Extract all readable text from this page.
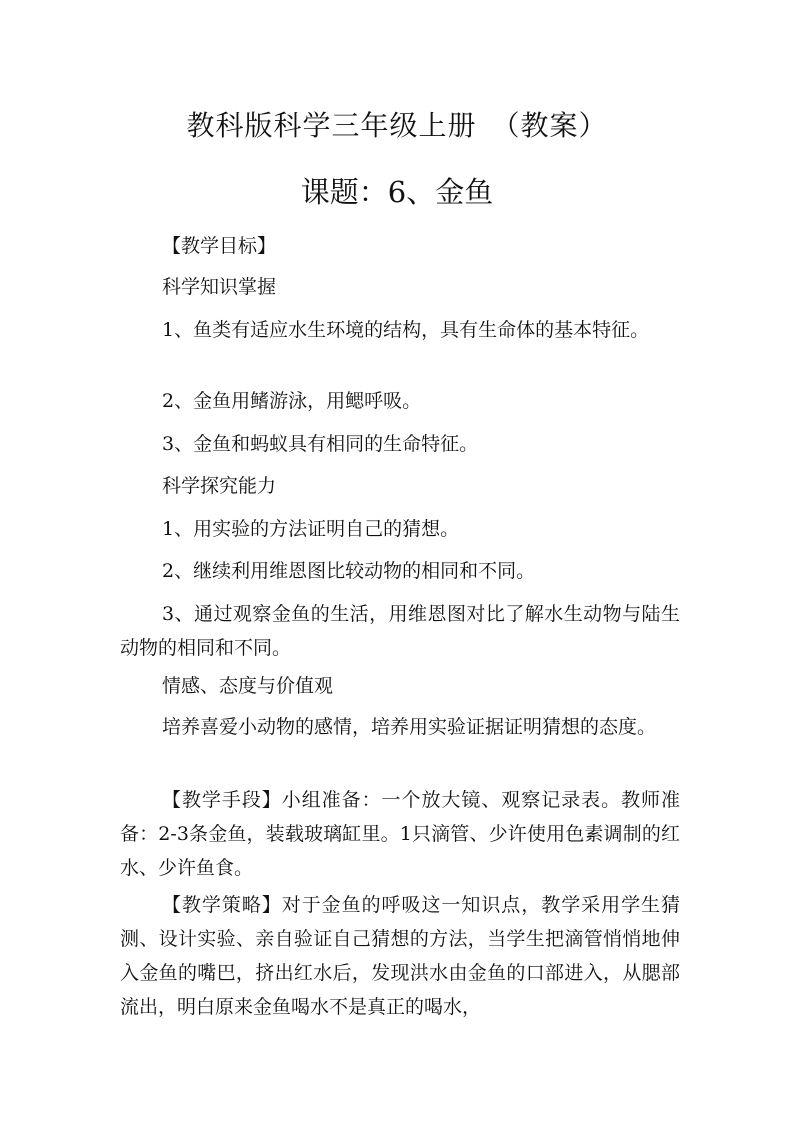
教科版科学三年级上册　（教案）
课题：6、金鱼

【教学目标】

科学知识掌握

1、鱼类有适应水生环境的结构，具有生命体的基本特征。

2、金鱼用鳍游泳，用鳃呼吸。

3、金鱼和蚂蚁具有相同的生命特征。

科学探究能力

1、用实验的方法证明自己的猜想。

2、继续利用维恩图比较动物的相同和不同。

3、通过观察金鱼的生活，用维恩图对比了解水生动物与陆生动物的相同和不同。

情感、态度与价值观

培养喜爱小动物的感情，培养用实验证据证明猜想的态度。

【教学手段】小组准备：一个放大镜、观察记录表。教师准备：2-3条金鱼，装载玻璃缸里。1只滴管、少许使用色素调制的红水、少许鱼食。

【教学策略】对于金鱼的呼吸这一知识点，教学采用学生猜测、设计实验、亲自验证自己猜想的方法，当学生把滴管悄悄地伸入金鱼的嘴巴，挤出红水后，发现洪水由金鱼的口部进入，从腮部流出，明白原来金鱼喝水不是真正的喝水，
